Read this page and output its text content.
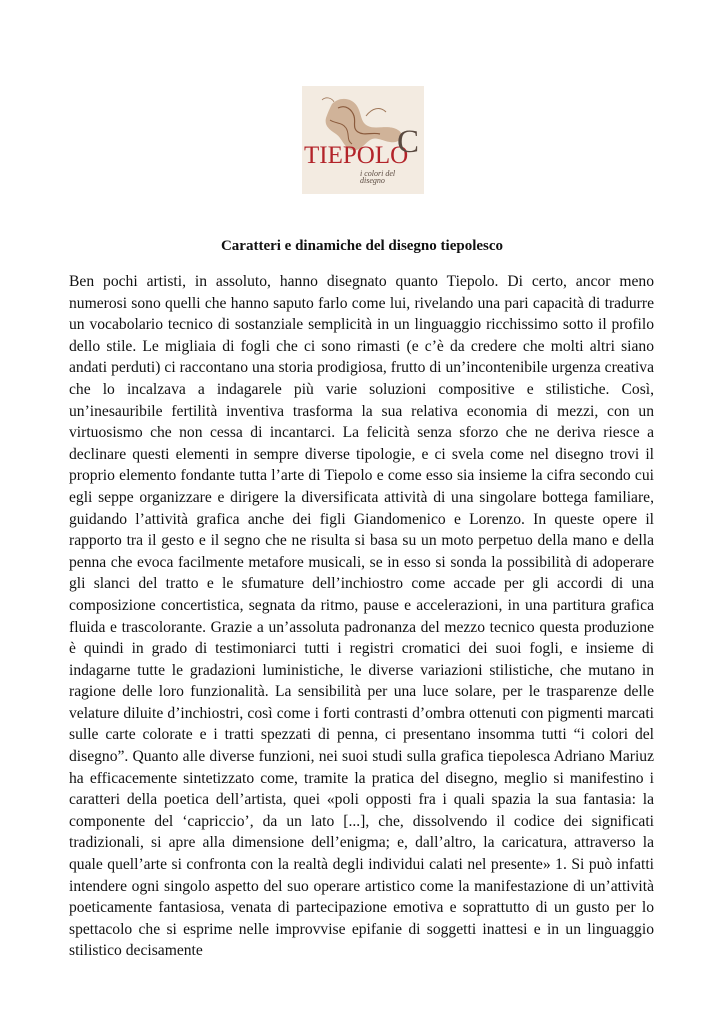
TIEPOLO
C
i colori del disegno
Caratteri e dinamiche del disegno tiepolesco

Ben pochi artisti, in assoluto, hanno disegnato quanto Tiepolo. Di certo, ancor meno numerosi sono quelli che hanno saputo farlo come lui, rivelando una pari capacità di tradurre un vocabolario tecnico di sostanziale semplicità in un linguaggio ricchissimo sotto il profilo dello stile. Le migliaia di fogli che ci sono rimasti (e c’è da credere che molti altri siano andati perduti) ci raccontano una storia prodigiosa, frutto di un’incontenibile urgenza creativa che lo incalzava a indagarele più varie soluzioni compositive e stilistiche. Così, un’inesauribile fertilità inventiva trasforma la sua relativa economia di mezzi, con un virtuosismo che non cessa di incantarci. La felicità senza sforzo che ne deriva riesce a declinare questi elementi in sempre diverse tipologie, e ci svela come nel disegno trovi il proprio elemento fondante tutta l’arte di Tiepolo e come esso sia insieme la cifra secondo cui egli seppe organizzare e dirigere la diversificata attività di una singolare bottega familiare, guidando l’attività grafica anche dei figli Giandomenico e Lorenzo. In queste opere il rapporto tra il gesto e il segno che ne risulta si basa su un moto perpetuo della mano e della penna che evoca facilmente metafore musicali, se in esso si sonda la possibilità di adoperare gli slanci del tratto e le sfumature dell’inchiostro come accade per gli accordi di una composizione concertistica, segnata da ritmo, pause e accelerazioni, in una partitura grafica fluida e trascolorante. Grazie a un’assoluta padronanza del mezzo tecnico questa produzione è quindi in grado di testimoniarci tutti i registri cromatici dei suoi fogli, e insieme di indagarne tutte le gradazioni luministiche, le diverse variazioni stilistiche, che mutano in ragione delle loro funzionalità. La sensibilità per una luce solare, per le trasparenze delle velature diluite d’inchiostri, così come i forti contrasti d’ombra ottenuti con pigmenti marcati sulle carte colorate e i tratti spezzati di penna, ci presentano insomma tutti “i colori del disegno”. Quanto alle diverse funzioni, nei suoi studi sulla grafica tiepolesca Adriano Mariuz ha efficacemente sintetizzato come, tramite la pratica del disegno, meglio si manifestino i caratteri della poetica dell’artista, quei «poli opposti fra i quali spazia la sua fantasia: la componente del ‘capriccio’, da un lato [...], che, dissolvendo il codice dei significati tradizionali, si apre alla dimensione dell’enigma; e, dall’altro, la caricatura, attraverso la quale quell’arte si confronta con la realtà degli individui calati nel presente» 1. Si può infatti intendere ogni singolo aspetto del suo operare artistico come la manifestazione di un’attività poeticamente fantasiosa, venata di partecipazione emotiva e soprattutto di un gusto per lo spettacolo che si esprime nelle improvvise epifanie di soggetti inattesi e in un linguaggio stilistico decisamente
